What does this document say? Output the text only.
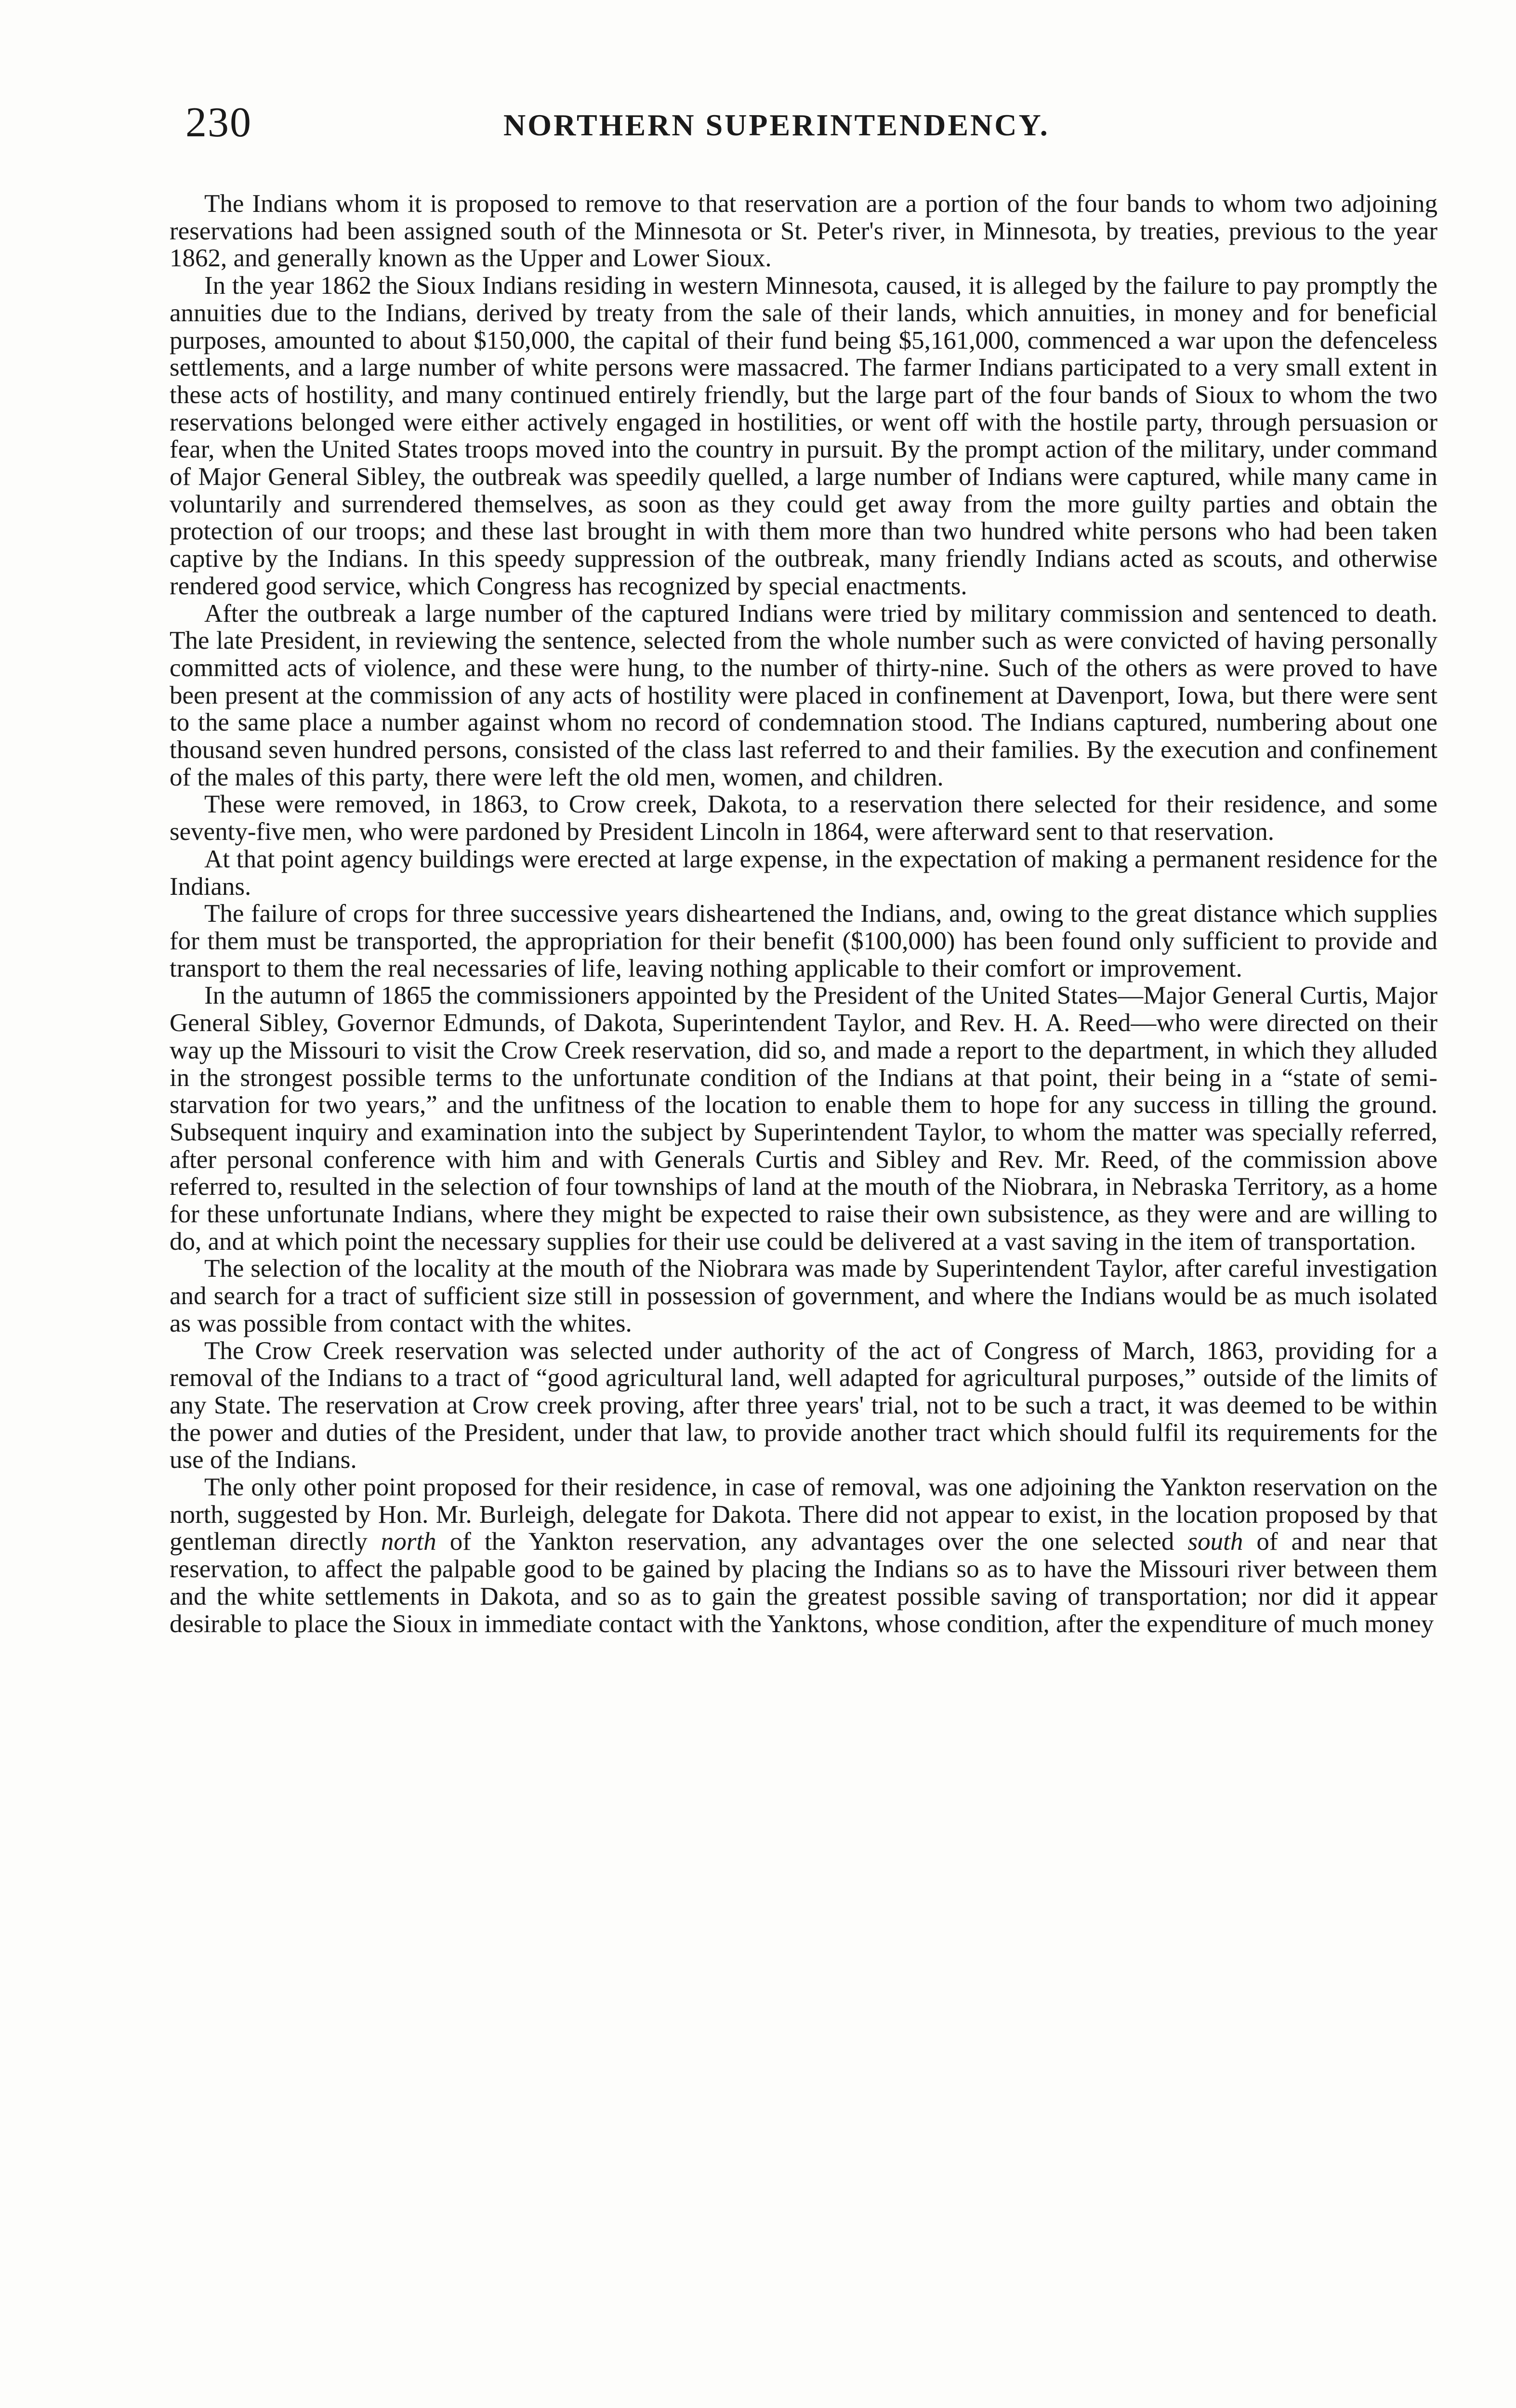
230	NORTHERN SUPERINTENDENCY.

The Indians whom it is proposed to remove to that reservation are a portion of the four bands to whom two adjoining reservations had been assigned south of the Minnesota or St. Peter's river, in Minnesota, by treaties, previous to the year 1862, and generally known as the Upper and Lower Sioux.

In the year 1862 the Sioux Indians residing in western Minnesota, caused, it is alleged by the failure to pay promptly the annuities due to the Indians, derived by treaty from the sale of their lands, which annuities, in money and for beneficial purposes, amounted to about $150,000, the capital of their fund being $5,161,000, commenced a war upon the defenceless settlements, and a large number of white persons were massacred. The farmer Indians participated to a very small extent in these acts of hostility, and many continued entirely friendly, but the large part of the four bands of Sioux to whom the two reservations belonged were either actively engaged in hostilities, or went off with the hostile party, through persuasion or fear, when the United States troops moved into the country in pursuit. By the prompt action of the military, under command of Major General Sibley, the outbreak was speedily quelled, a large number of Indians were captured, while many came in voluntarily and surrendered themselves, as soon as they could get away from the more guilty parties and obtain the protection of our troops; and these last brought in with them more than two hundred white persons who had been taken captive by the Indians. In this speedy suppression of the outbreak, many friendly Indians acted as scouts, and otherwise rendered good service, which Congress has recognized by special enactments.

After the outbreak a large number of the captured Indians were tried by military commission and sentenced to death. The late President, in reviewing the sentence, selected from the whole number such as were convicted of having personally committed acts of violence, and these were hung, to the number of thirty-nine. Such of the others as were proved to have been present at the commission of any acts of hostility were placed in confinement at Davenport, Iowa, but there were sent to the same place a number against whom no record of condemnation stood. The Indians captured, numbering about one thousand seven hundred persons, consisted of the class last referred to and their families. By the execution and confinement of the males of this party, there were left the old men, women, and children.

These were removed, in 1863, to Crow creek, Dakota, to a reservation there selected for their residence, and some seventy-five men, who were pardoned by President Lincoln in 1864, were afterward sent to that reservation.

At that point agency buildings were erected at large expense, in the expectation of making a permanent residence for the Indians.

The failure of crops for three successive years disheartened the Indians, and, owing to the great distance which supplies for them must be transported, the appropriation for their benefit ($100,000) has been found only sufficient to provide and transport to them the real necessaries of life, leaving nothing applicable to their comfort or improvement.

In the autumn of 1865 the commissioners appointed by the President of the United States—Major General Curtis, Major General Sibley, Governor Edmunds, of Dakota, Superintendent Taylor, and Rev. H. A. Reed—who were directed on their way up the Missouri to visit the Crow Creek reservation, did so, and made a report to the department, in which they alluded in the strongest possible terms to the unfortunate condition of the Indians at that point, their being in a “state of semi-starvation for two years,” and the unfitness of the location to enable them to hope for any success in tilling the ground. Subsequent inquiry and examination into the subject by Superintendent Taylor, to whom the matter was specially referred, after personal conference with him and with Generals Curtis and Sibley and Rev. Mr. Reed, of the commission above referred to, resulted in the selection of four townships of land at the mouth of the Niobrara, in Nebraska Territory, as a home for these unfortunate Indians, where they might be expected to raise their own subsistence, as they were and are willing to do, and at which point the necessary supplies for their use could be delivered at a vast saving in the item of transportation.

The selection of the locality at the mouth of the Niobrara was made by Superintendent Taylor, after careful investigation and search for a tract of sufficient size still in possession of government, and where the Indians would be as much isolated as was possible from contact with the whites.

The Crow Creek reservation was selected under authority of the act of Congress of March, 1863, providing for a removal of the Indians to a tract of “good agricultural land, well adapted for agricultural purposes,” outside of the limits of any State. The reservation at Crow creek proving, after three years' trial, not to be such a tract, it was deemed to be within the power and duties of the President, under that law, to provide another tract which should fulfil its requirements for the use of the Indians.

The only other point proposed for their residence, in case of removal, was one adjoining the Yankton reservation on the north, suggested by Hon. Mr. Burleigh, delegate for Dakota. There did not appear to exist, in the location proposed by that gentleman directly north of the Yankton reservation, any advantages over the one selected south of and near that reservation, to affect the palpable good to be gained by placing the Indians so as to have the Missouri river between them and the white settlements in Dakota, and so as to gain the greatest possible saving of transportation; nor did it appear desirable to place the Sioux in immediate contact with the Yanktons, whose condition, after the expenditure of much money
